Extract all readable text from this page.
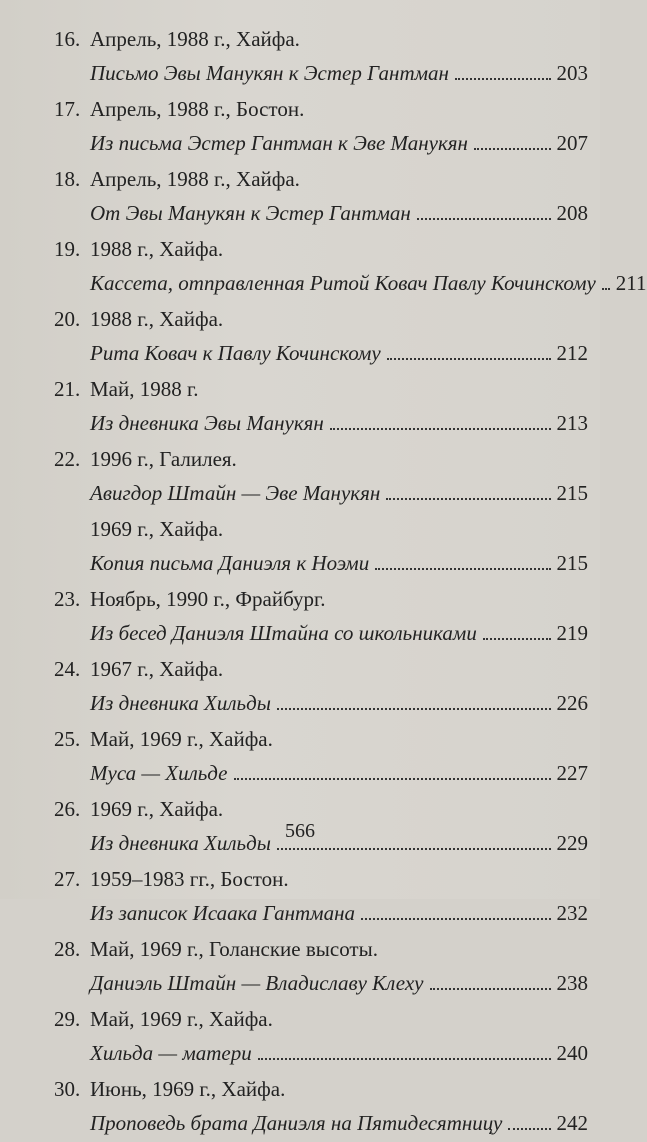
16. Апрель, 1988 г., Хайфа.
Письмо Эвы Манукян к Эстер Гантман	203
17. Апрель, 1988 г., Бостон.
Из письма Эстер Гантман к Эве Манукян	207
18. Апрель, 1988 г., Хайфа.
От Эвы Манукян к Эстер Гантман	208
19. 1988 г., Хайфа.
Кассета, отправленная Ритой Ковач Павлу Кочинскому 211
20. 1988 г., Хайфа.
Рита Ковач к Павлу Кочинскому	212
21. Май, 1988 г.
Из дневника Эвы Манукян	213
22. 1996 г., Галилея.
Авигдор Штайн — Эве Манукян	215
1969 г., Хайфа.
Копия письма Даниэля к Ноэми	215
23. Ноябрь, 1990 г., Фрайбург.
Из бесед Даниэля Штайна со школьниками	219
24. 1967 г., Хайфа.
Из дневника Хильды	226
25. Май, 1969 г., Хайфа.
Муса — Хильде	227
26. 1969 г., Хайфа.
Из дневника Хильды	229
27. 1959–1983 гг., Бостон.
Из записок Исаака Гантмана	232
28. Май, 1969 г., Голанские высоты.
Даниэль Штайн — Владиславу Клеху	238
29. Май, 1969 г., Хайфа.
Хильда — матери	240
30. Июнь, 1969 г., Хайфа.
Проповедь брата Даниэля на Пятидесятницу	242
566
